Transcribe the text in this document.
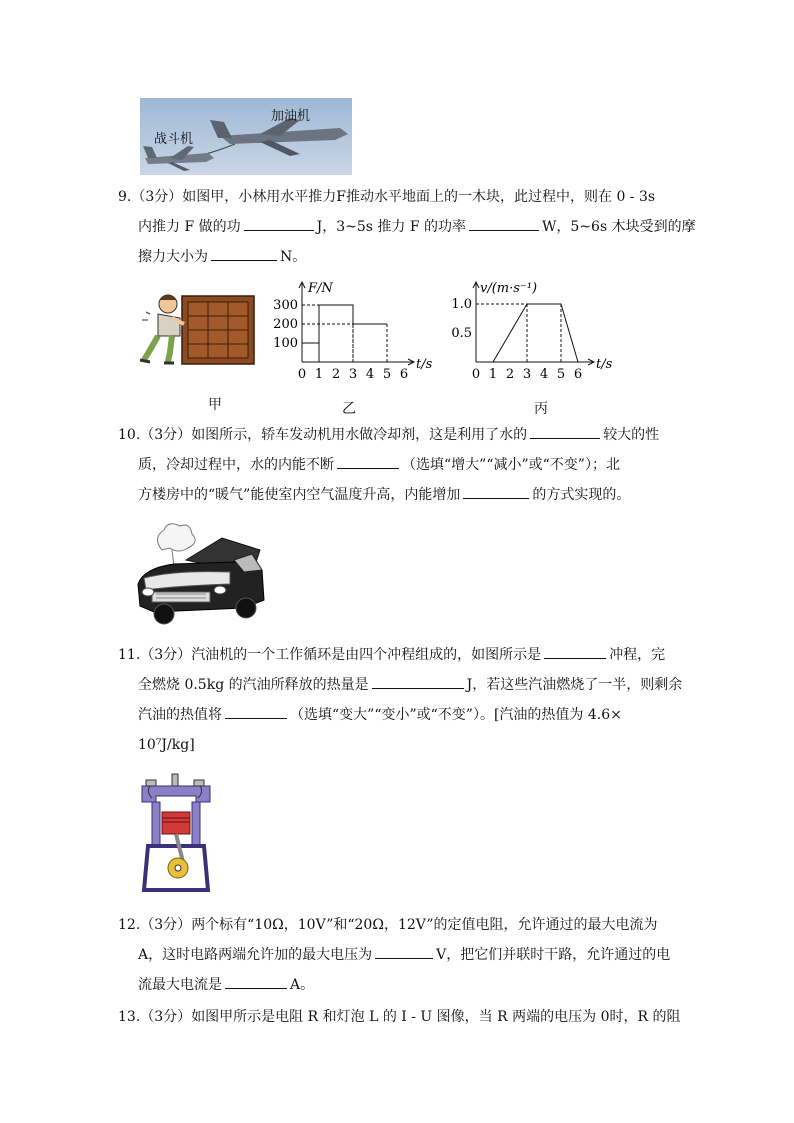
加油机
战斗机
9.（3分）如图甲，小林用水平推力F推动水平地面上的一木块，此过程中，则在 0 - 3s
内推力 F 做的功	J，3~5s 推力 F 的功率	W，5~6s 木块受到的摩
擦力大小为	N。
F/N
t/s
0 1 2 3 4 5 6
100
200
300
v/(m·s⁻¹)
t/s
0 1 2 3 4 5 6
0.5
1.0
甲	乙	丙
10.（3分）如图所示，轿车发动机用水做冷却剂，这是利用了水的	较大的性
质，冷却过程中，水的内能不断	（选填“增大”“减小”或“不变”）；北
方楼房中的“暖气”能使室内空气温度升高，内能增加	的方式实现的。
11.（3分）汽油机的一个工作循环是由四个冲程组成的，如图所示是	冲程，完
全燃烧 0.5kg 的汽油所释放的热量是	J，若这些汽油燃烧了一半，则剩余
汽油的热值将	（选填“变大”“变小”或“不变”）。[汽油的热值为 4.6×
10⁷J/kg]
12.（3分）两个标有“10Ω，10V”和“20Ω，12V”的定值电阻，允许通过的最大电流为
A，这时电路两端允许加的最大电压为	V，把它们并联时干路，允许通过的电
流最大电流是	A。
13.（3分）如图甲所示是电阻 R 和灯泡 L 的 I - U 图像，当 R 两端的电压为 0时，R 的阻
